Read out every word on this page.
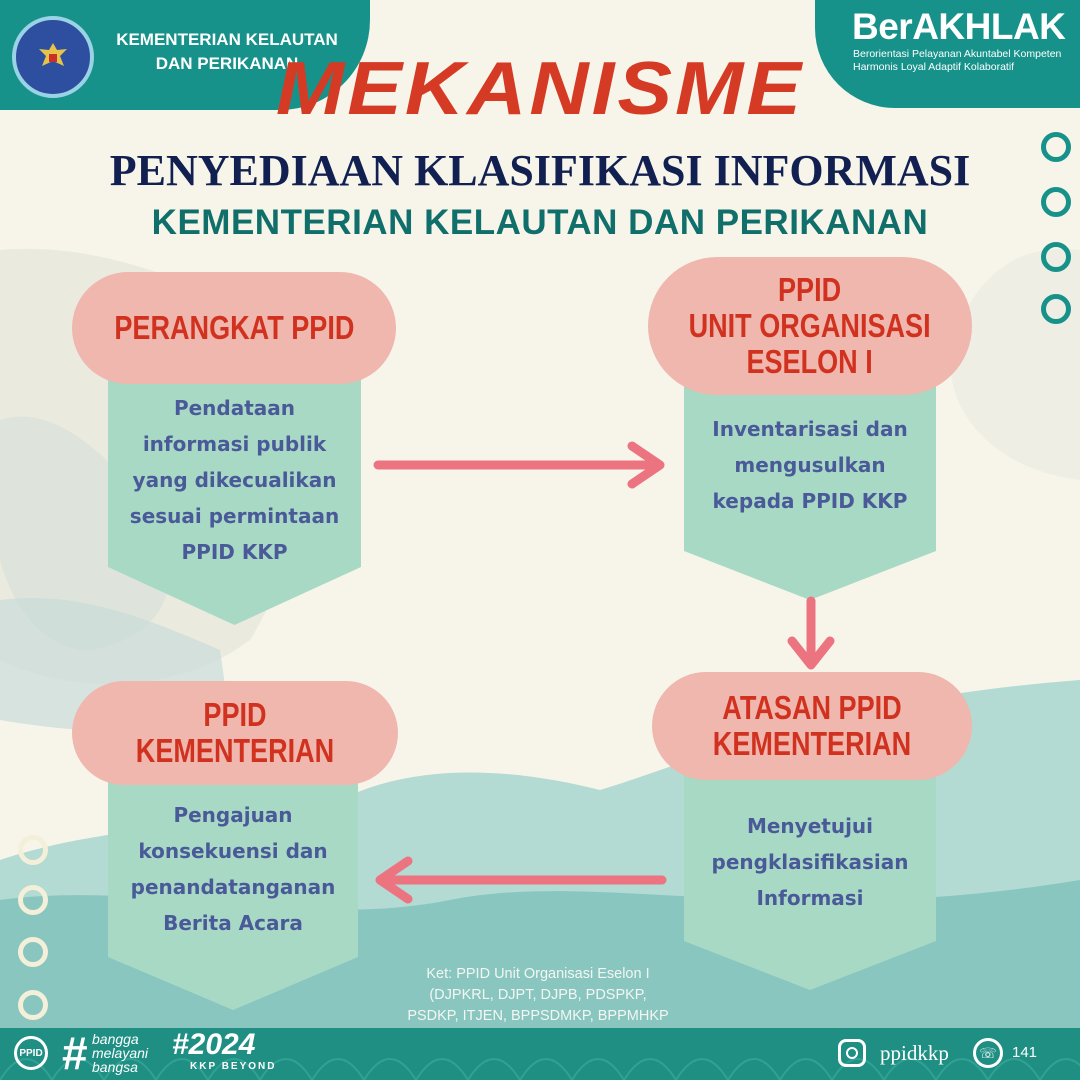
KEMENTERIAN KELAUTAN
DAN PERIKANAN
BerAKHLAK
Berorientasi Pelayanan Akuntabel Kompeten
Harmonis Loyal Adaptif Kolaboratif
MEKANISME
PENYEDIAAN KLASIFIKASI INFORMASI
KEMENTERIAN KELAUTAN DAN PERIKANAN
Pendataan
informasi publik
yang dikecualikan
sesuai permintaan
PPID KKP
PERANGKAT PPID
Inventarisasi dan
mengusulkan
kepada PPID KKP
PPID
UNIT ORGANISASI
ESELON I
Menyetujui
pengklasifikasian
Informasi
ATASAN PPID
KEMENTERIAN
Pengajuan
konsekuensi dan
penandatanganan
Berita Acara
PPID
KEMENTERIAN
Ket: PPID Unit Organisasi Eselon I
(DJPKRL, DJPT, DJPB, PDSPKP,
PSDKP, ITJEN, BPPSDMKP, BPPMHKP
PPID # bangga
melayani
bangsa
#2024
KKP BEYOND
ppidkkp ☏ 141
